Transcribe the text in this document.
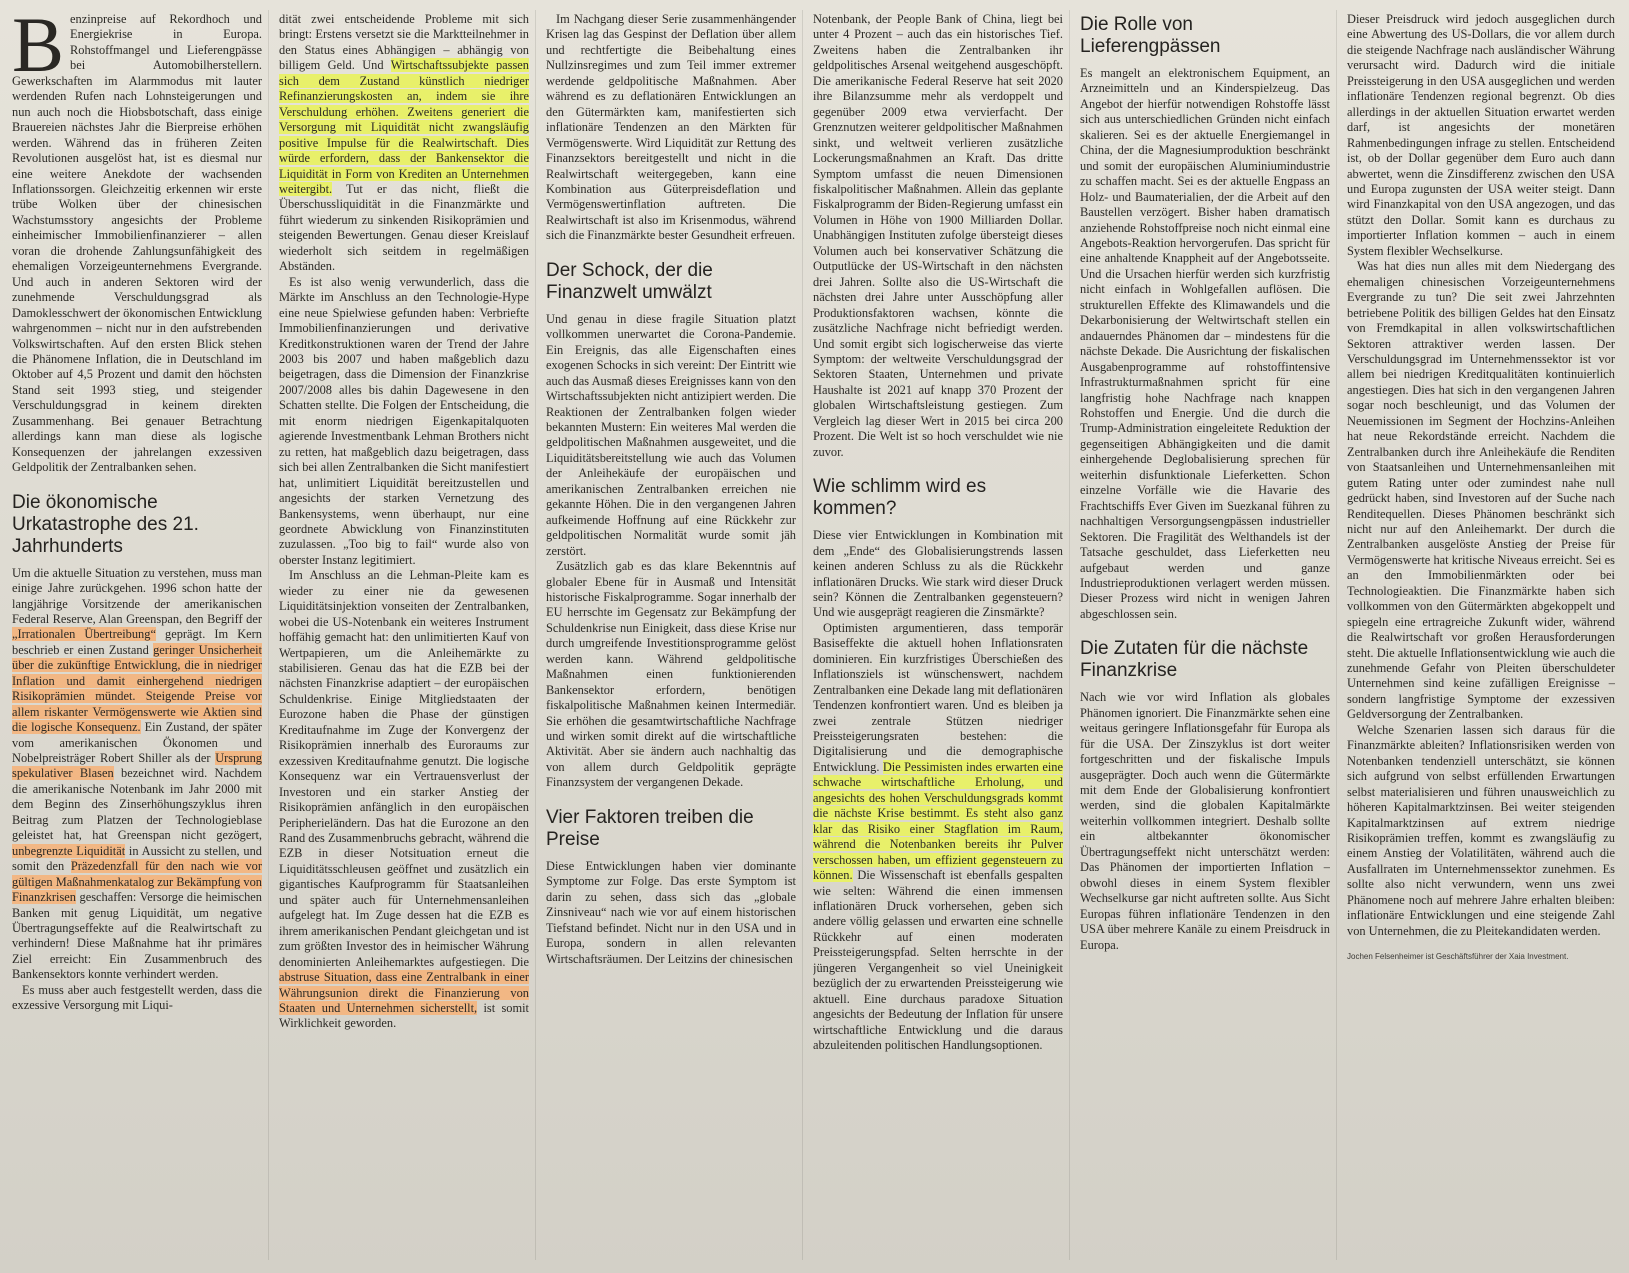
Benzinpreise auf Rekordhoch und Energiekrise in Europa. Rohstoffmangel und Lieferengpässe bei Automobilherstellern. Gewerkschaften im Alarmmodus mit lauter werdenden Rufen nach Lohnsteigerungen und nun auch noch die Hiobsbotschaft, dass einige Brauereien nächstes Jahr die Bierpreise erhöhen werden. Während das in früheren Zeiten Revolutionen ausgelöst hat, ist es diesmal nur eine weitere Anekdote der wachsenden Inflationssorgen. Gleichzeitig erkennen wir erste trübe Wolken über der chinesischen Wachstumsstory angesichts der Probleme einheimischer Immobilienfinanzierer – allen voran die drohende Zahlungsunfähigkeit des ehemaligen Vorzeigeunternehmens Evergrande. Und auch in anderen Sektoren wird der zunehmende Verschuldungsgrad als Damoklesschwert der ökonomischen Entwicklung wahrgenommen – nicht nur in den aufstrebenden Volkswirtschaften. Auf den ersten Blick stehen die Phänomene Inflation, die in Deutschland im Oktober auf 4,5 Prozent und damit den höchsten Stand seit 1993 stieg, und steigender Verschuldungsgrad in keinem direkten Zusammenhang. Bei genauer Betrachtung allerdings kann man diese als logische Konsequenzen der jahrelangen exzessiven Geldpolitik der Zentralbanken sehen.

Die ökonomische Urkatastrophe des 21. Jahrhunderts

Um die aktuelle Situation zu verstehen, muss man einige Jahre zurückgehen. 1996 schon hatte der langjährige Vorsitzende der amerikanischen Federal Reserve, Alan Greenspan, den Begriff der „Irrationalen Übertreibung“ geprägt. Im Kern beschrieb er einen Zustand geringer Unsicherheit über die zukünftige Entwicklung, die in niedriger Inflation und damit einhergehend niedrigen Risikoprämien mündet. Steigende Preise vor allem riskanter Vermögenswerte wie Aktien sind die logische Konsequenz. Ein Zustand, der später vom amerikanischen Ökonomen und Nobelpreisträger Robert Shiller als der Ursprung spekulativer Blasen bezeichnet wird. Nachdem die amerikanische Notenbank im Jahr 2000 mit dem Beginn des Zinserhöhungszyklus ihren Beitrag zum Platzen der Technologieblase geleistet hat, hat Greenspan nicht gezögert, unbegrenzte Liquidität in Aussicht zu stellen, und somit den Präzedenzfall für den nach wie vor gültigen Maßnahmenkatalog zur Bekämpfung von Finanzkrisen geschaffen: Versorge die heimischen Banken mit genug Liquidität, um negative Übertragungseffekte auf die Realwirtschaft zu verhindern! Diese Maßnahme hat ihr primäres Ziel erreicht: Ein Zusammenbruch des Bankensektors konnte verhindert werden.

Es muss aber auch festgestellt werden, dass die exzessive Versorgung mit Liqui-

dität zwei entscheidende Probleme mit sich bringt: Erstens versetzt sie die Marktteilnehmer in den Status eines Abhängigen – abhängig von billigem Geld. Und Wirtschaftssubjekte passen sich dem Zustand künstlich niedriger Refinanzierungskosten an, indem sie ihre Verschuldung erhöhen. Zweitens generiert die Versorgung mit Liquidität nicht zwangsläufig positive Impulse für die Realwirtschaft. Dies würde erfordern, dass der Bankensektor die Liquidität in Form von Krediten an Unternehmen weitergibt. Tut er das nicht, fließt die Überschussliquidität in die Finanzmärkte und führt wiederum zu sinkenden Risikoprämien und steigenden Bewertungen. Genau dieser Kreislauf wiederholt sich seitdem in regelmäßigen Abständen.

Es ist also wenig verwunderlich, dass die Märkte im Anschluss an den Technologie-Hype eine neue Spielwiese gefunden haben: Verbriefte Immobilienfinanzierungen und derivative Kreditkonstruktionen waren der Trend der Jahre 2003 bis 2007 und haben maßgeblich dazu beigetragen, dass die Dimension der Finanzkrise 2007/2008 alles bis dahin Dagewesene in den Schatten stellte. Die Folgen der Entscheidung, die mit enorm niedrigen Eigenkapitalquoten agierende Investmentbank Lehman Brothers nicht zu retten, hat maßgeblich dazu beigetragen, dass sich bei allen Zentralbanken die Sicht manifestiert hat, unlimitiert Liquidität bereitzustellen und angesichts der starken Vernetzung des Bankensystems, wenn überhaupt, nur eine geordnete Abwicklung von Finanzinstituten zuzulassen. „Too big to fail“ wurde also von oberster Instanz legitimiert.

Im Anschluss an die Lehman-Pleite kam es wieder zu einer nie da gewesenen Liquiditätsinjektion vonseiten der Zentralbanken, wobei die US-Notenbank ein weiteres Instrument hoffähig gemacht hat: den unlimitierten Kauf von Wertpapieren, um die Anleihemärkte zu stabilisieren. Genau das hat die EZB bei der nächsten Finanzkrise adaptiert – der europäischen Schuldenkrise. Einige Mitgliedstaaten der Eurozone haben die Phase der günstigen Kreditaufnahme im Zuge der Konvergenz der Risikoprämien innerhalb des Euroraums zur exzessiven Kreditaufnahme genutzt. Die logische Konsequenz war ein Vertrauensverlust der Investoren und ein starker Anstieg der Risikoprämien anfänglich in den europäischen Peripherieländern. Das hat die Eurozone an den Rand des Zusammenbruchs gebracht, während die EZB in dieser Notsituation erneut die Liquiditätsschleusen geöffnet und zusätzlich ein gigantisches Kaufprogramm für Staatsanleihen und später auch für Unternehmensanleihen aufgelegt hat. Im Zuge dessen hat die EZB es ihrem amerikanischen Pendant gleichgetan und ist zum größten Investor des in heimischer Währung denominierten Anleihemarktes aufgestiegen. Die abstruse Situation, dass eine Zentralbank in einer Währungsunion direkt die Finanzierung von Staaten und Unternehmen sicherstellt, ist somit Wirklichkeit geworden.

Im Nachgang dieser Serie zusammenhängender Krisen lag das Gespinst der Deflation über allem und rechtfertigte die Beibehaltung eines Nullzinsregimes und zum Teil immer extremer werdende geldpolitische Maßnahmen. Aber während es zu deflationären Entwicklungen an den Gütermärkten kam, manifestierten sich inflationäre Tendenzen an den Märkten für Vermögenswerte. Wird Liquidität zur Rettung des Finanzsektors bereitgestellt und nicht in die Realwirtschaft weitergegeben, kann eine Kombination aus Güterpreisdeflation und Vermögenswertinflation auftreten. Die Realwirtschaft ist also im Krisenmodus, während sich die Finanzmärkte bester Gesundheit erfreuen.

Der Schock, der die Finanzwelt umwälzt

Und genau in diese fragile Situation platzt vollkommen unerwartet die Corona-Pandemie. Ein Ereignis, das alle Eigenschaften eines exogenen Schocks in sich vereint: Der Eintritt wie auch das Ausmaß dieses Ereignisses kann von den Wirtschaftssubjekten nicht antizipiert werden. Die Reaktionen der Zentralbanken folgen wieder bekannten Mustern: Ein weiteres Mal werden die geldpolitischen Maßnahmen ausgeweitet, und die Liquiditätsbereitstellung wie auch das Volumen der Anleihekäufe der europäischen und amerikanischen Zentralbanken erreichen nie gekannte Höhen. Die in den vergangenen Jahren aufkeimende Hoffnung auf eine Rückkehr zur geldpolitischen Normalität wurde somit jäh zerstört.

Zusätzlich gab es das klare Bekenntnis auf globaler Ebene für in Ausmaß und Intensität historische Fiskalprogramme. Sogar innerhalb der EU herrschte im Gegensatz zur Bekämpfung der Schuldenkrise nun Einigkeit, dass diese Krise nur durch umgreifende Investitionsprogramme gelöst werden kann. Während geldpolitische Maßnahmen einen funktionierenden Bankensektor erfordern, benötigen fiskalpolitische Maßnahmen keinen Intermediär. Sie erhöhen die gesamtwirtschaftliche Nachfrage und wirken somit direkt auf die wirtschaftliche Aktivität. Aber sie ändern auch nachhaltig das von allem durch Geldpolitik geprägte Finanzsystem der vergangenen Dekade.

Vier Faktoren treiben die Preise

Diese Entwicklungen haben vier dominante Symptome zur Folge. Das erste Symptom ist darin zu sehen, dass sich das „globale Zinsniveau“ nach wie vor auf einem historischen Tiefstand befindet. Nicht nur in den USA und in Europa, sondern in allen relevanten Wirtschaftsräumen. Der Leitzins der chinesischen

Notenbank, der People Bank of China, liegt bei unter 4 Prozent – auch das ein historisches Tief. Zweitens haben die Zentralbanken ihr geldpolitisches Arsenal weitgehend ausgeschöpft. Die amerikanische Federal Reserve hat seit 2020 ihre Bilanzsumme mehr als verdoppelt und gegenüber 2009 etwa vervierfacht. Der Grenznutzen weiterer geldpolitischer Maßnahmen sinkt, und weltweit verlieren zusätzliche Lockerungsmaßnahmen an Kraft. Das dritte Symptom umfasst die neuen Dimensionen fiskalpolitischer Maßnahmen. Allein das geplante Fiskalprogramm der Biden-Regierung umfasst ein Volumen in Höhe von 1900 Milliarden Dollar. Unabhängigen Instituten zufolge übersteigt dieses Volumen auch bei konservativer Schätzung die Outputlücke der US-Wirtschaft in den nächsten drei Jahren. Sollte also die US-Wirtschaft die nächsten drei Jahre unter Ausschöpfung aller Produktionsfaktoren wachsen, könnte die zusätzliche Nachfrage nicht befriedigt werden. Und somit ergibt sich logischerweise das vierte Symptom: der weltweite Verschuldungsgrad der Sektoren Staaten, Unternehmen und private Haushalte ist 2021 auf knapp 370 Prozent der globalen Wirtschaftsleistung gestiegen. Zum Vergleich lag dieser Wert in 2015 bei circa 200 Prozent. Die Welt ist so hoch verschuldet wie nie zuvor.

Wie schlimm wird es kommen?

Diese vier Entwicklungen in Kombination mit dem „Ende“ des Globalisierungstrends lassen keinen anderen Schluss zu als die Rückkehr inflationären Drucks. Wie stark wird dieser Druck sein? Können die Zentralbanken gegensteuern? Und wie ausgeprägt reagieren die Zinsmärkte?

Optimisten argumentieren, dass temporär Basiseffekte die aktuell hohen Inflationsraten dominieren. Ein kurzfristiges Überschießen des Inflationsziels ist wünschenswert, nachdem Zentralbanken eine Dekade lang mit deflationären Tendenzen konfrontiert waren. Und es bleiben ja zwei zentrale Stützen niedriger Preissteigerungsraten bestehen: die Digitalisierung und die demographische Entwicklung. Die Pessimisten indes erwarten eine schwache wirtschaftliche Erholung, und angesichts des hohen Verschuldungsgrads kommt die nächste Krise bestimmt. Es steht also ganz klar das Risiko einer Stagflation im Raum, während die Notenbanken bereits ihr Pulver verschossen haben, um effizient gegensteuern zu können. Die Wissenschaft ist ebenfalls gespalten wie selten: Während die einen immensen inflationären Druck vorhersehen, geben sich andere völlig gelassen und erwarten eine schnelle Rückkehr auf einen moderaten Preissteigerungspfad. Selten herrschte in der jüngeren Vergangenheit so viel Uneinigkeit bezüglich der zu erwartenden Preissteigerung wie aktuell. Eine durchaus paradoxe Situation angesichts der Bedeutung der Inflation für unsere wirtschaftliche Entwicklung und die daraus abzuleitenden politischen Handlungsoptionen.

Die Rolle von Lieferengpässen

Es mangelt an elektronischem Equipment, an Arzneimitteln und an Kinderspielzeug. Das Angebot der hierfür notwendigen Rohstoffe lässt sich aus unterschiedlichen Gründen nicht einfach skalieren. Sei es der aktuelle Energiemangel in China, der die Magnesiumproduktion beschränkt und somit der europäischen Aluminiumindustrie zu schaffen macht. Sei es der aktuelle Engpass an Holz- und Baumaterialien, der die Arbeit auf den Baustellen verzögert. Bisher haben dramatisch anziehende Rohstoffpreise noch nicht einmal eine Angebots-Reaktion hervorgerufen. Das spricht für eine anhaltende Knappheit auf der Angebotsseite. Und die Ursachen hierfür werden sich kurzfristig nicht einfach in Wohlgefallen auflösen. Die strukturellen Effekte des Klimawandels und die Dekarbonisierung der Weltwirtschaft stellen ein andauerndes Phänomen dar – mindestens für die nächste Dekade. Die Ausrichtung der fiskalischen Ausgabenprogramme auf rohstoffintensive Infrastrukturmaßnahmen spricht für eine langfristig hohe Nachfrage nach knappen Rohstoffen und Energie. Und die durch die Trump-Administration eingeleitete Reduktion der gegenseitigen Abhängigkeiten und die damit einhergehende Deglobalisierung sprechen für weiterhin disfunktionale Lieferketten. Schon einzelne Vorfälle wie die Havarie des Frachtschiffs Ever Given im Suezkanal führen zu nachhaltigen Versorgungsengpässen industrieller Sektoren. Die Fragilität des Welthandels ist der Tatsache geschuldet, dass Lieferketten neu aufgebaut werden und ganze Industrieproduktionen verlagert werden müssen. Dieser Prozess wird nicht in wenigen Jahren abgeschlossen sein.

Die Zutaten für die nächste Finanzkrise

Nach wie vor wird Inflation als globales Phänomen ignoriert. Die Finanzmärkte sehen eine weitaus geringere Inflationsgefahr für Europa als für die USA. Der Zinszyklus ist dort weiter fortgeschritten und der fiskalische Impuls ausgeprägter. Doch auch wenn die Gütermärkte mit dem Ende der Globalisierung konfrontiert werden, sind die globalen Kapitalmärkte weiterhin vollkommen integriert. Deshalb sollte ein altbekannter ökonomischer Übertragungseffekt nicht unterschätzt werden: Das Phänomen der importierten Inflation – obwohl dieses in einem System flexibler Wechselkurse gar nicht auftreten sollte. Aus Sicht Europas führen inflationäre Tendenzen in den USA über mehrere Kanäle zu einem Preisdruck in Europa.

Dieser Preisdruck wird jedoch ausgeglichen durch eine Abwertung des US-Dollars, die vor allem durch die steigende Nachfrage nach ausländischer Währung verursacht wird. Dadurch wird die initiale Preissteigerung in den USA ausgeglichen und werden inflationäre Tendenzen regional begrenzt. Ob dies allerdings in der aktuellen Situation erwartet werden darf, ist angesichts der monetären Rahmenbedingungen infrage zu stellen. Entscheidend ist, ob der Dollar gegenüber dem Euro auch dann abwertet, wenn die Zinsdifferenz zwischen den USA und Europa zugunsten der USA weiter steigt. Dann wird Finanzkapital von den USA angezogen, und das stützt den Dollar. Somit kann es durchaus zu importierter Inflation kommen – auch in einem System flexibler Wechselkurse.

Was hat dies nun alles mit dem Niedergang des ehemaligen chinesischen Vorzeigeunternehmens Evergrande zu tun? Die seit zwei Jahrzehnten betriebene Politik des billigen Geldes hat den Einsatz von Fremdkapital in allen volkswirtschaftlichen Sektoren attraktiver werden lassen. Der Verschuldungsgrad im Unternehmenssektor ist vor allem bei niedrigen Kreditqualitäten kontinuierlich angestiegen. Dies hat sich in den vergangenen Jahren sogar noch beschleunigt, und das Volumen der Neuemissionen im Segment der Hochzins-Anleihen hat neue Rekordstände erreicht. Nachdem die Zentralbanken durch ihre Anleihekäufe die Renditen von Staatsanleihen und Unternehmensanleihen mit gutem Rating unter oder zumindest nahe null gedrückt haben, sind Investoren auf der Suche nach Renditequellen. Dieses Phänomen beschränkt sich nicht nur auf den Anleihemarkt. Der durch die Zentralbanken ausgelöste Anstieg der Preise für Vermögenswerte hat kritische Niveaus erreicht. Sei es an den Immobilienmärkten oder bei Technologieaktien. Die Finanzmärkte haben sich vollkommen von den Gütermärkten abgekoppelt und spiegeln eine ertragreiche Zukunft wider, während die Realwirtschaft vor großen Herausforderungen steht. Die aktuelle Inflationsentwicklung wie auch die zunehmende Gefahr von Pleiten überschuldeter Unternehmen sind keine zufälligen Ereignisse – sondern langfristige Symptome der exzessiven Geldversorgung der Zentralbanken.

Welche Szenarien lassen sich daraus für die Finanzmärkte ableiten? Inflationsrisiken werden von Notenbanken tendenziell unterschätzt, sie können sich aufgrund von selbst erfüllenden Erwartungen selbst materialisieren und führen unausweichlich zu höheren Kapitalmarktzinsen. Bei weiter steigenden Kapitalmarktzinsen auf extrem niedrige Risikoprämien treffen, kommt es zwangsläufig zu einem Anstieg der Volatilitäten, während auch die Ausfallraten im Unternehmenssektor zunehmen. Es sollte also nicht verwundern, wenn uns zwei Phänomene noch auf mehrere Jahre erhalten bleiben: inflationäre Entwicklungen und eine steigende Zahl von Unternehmen, die zu Pleitekandidaten werden.

Jochen Felsenheimer ist Geschäftsführer der Xaia Investment.
